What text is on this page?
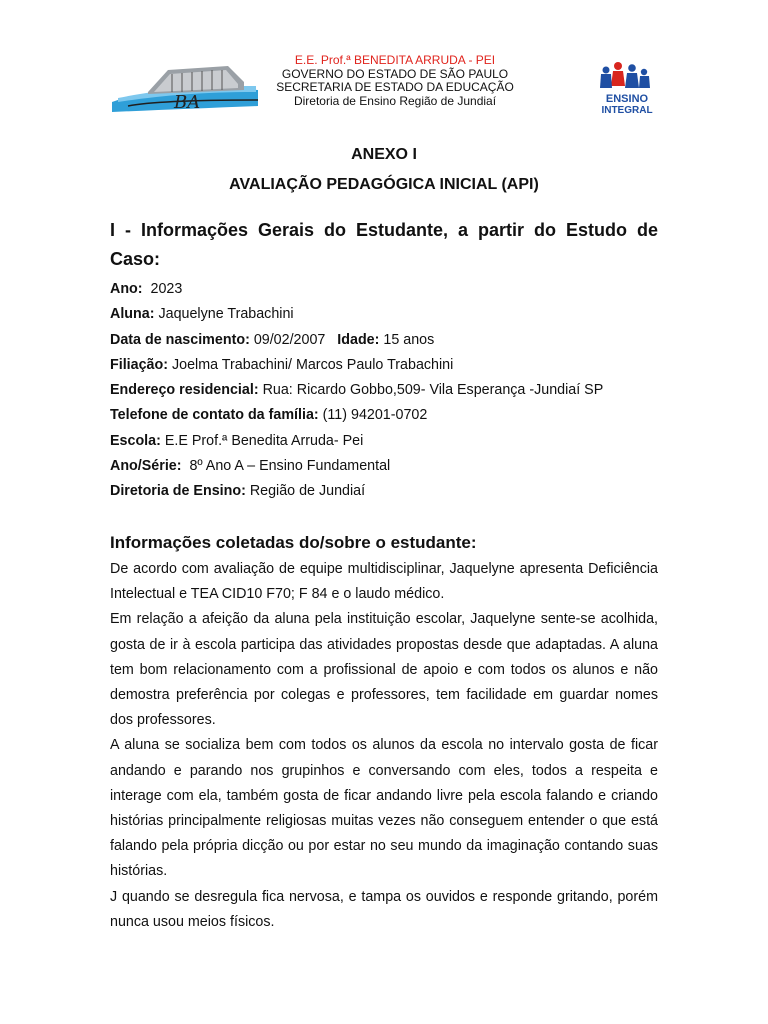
BA
E.E. Prof.ª BENEDITA ARRUDA - PEI
GOVERNO DO ESTADO DE SÃO PAULO
SECRETARIA DE ESTADO DA EDUCAÇÃO
Diretoria de Ensino Região de Jundiaí	ENSINO
INTEGRAL
ANEXO I
AVALIAÇÃO PEDAGÓGICA INICIAL (API)
I - Informações Gerais do Estudante, a partir do Estudo de Caso:
Ano: 2023
Aluna: Jaquelyne Trabachini
Data de nascimento: 09/02/2007 Idade: 15 anos
Filiação: Joelma Trabachini/ Marcos Paulo Trabachini
Endereço residencial: Rua: Ricardo Gobbo,509- Vila Esperança -Jundiaí SP
Telefone de contato da família: (11) 94201-0702
Escola: E.E Prof.ª Benedita Arruda- Pei
Ano/Série: 8º Ano A – Ensino Fundamental
Diretoria de Ensino: Região de Jundiaí
Informações coletadas do/sobre o estudante:

De acordo com avaliação de equipe multidisciplinar, Jaquelyne apresenta Deficiência Intelectual e TEA CID10 F70; F 84 e o laudo médico.

Em relação a afeição da aluna pela instituição escolar, Jaquelyne sente-se acolhida, gosta de ir à escola participa das atividades propostas desde que adaptadas. A aluna tem bom relacionamento com a profissional de apoio e com todos os alunos e não demostra preferência por colegas e professores, tem facilidade em guardar nomes dos professores.

A aluna se socializa bem com todos os alunos da escola no intervalo gosta de ficar andando e parando nos grupinhos e conversando com eles, todos a respeita e interage com ela, também gosta de ficar andando livre pela escola falando e criando histórias principalmente religiosas muitas vezes não conseguem entender o que está falando pela própria dicção ou por estar no seu mundo da imaginação contando suas histórias.

J quando se desregula fica nervosa, e tampa os ouvidos e responde gritando, porém nunca usou meios físicos.
